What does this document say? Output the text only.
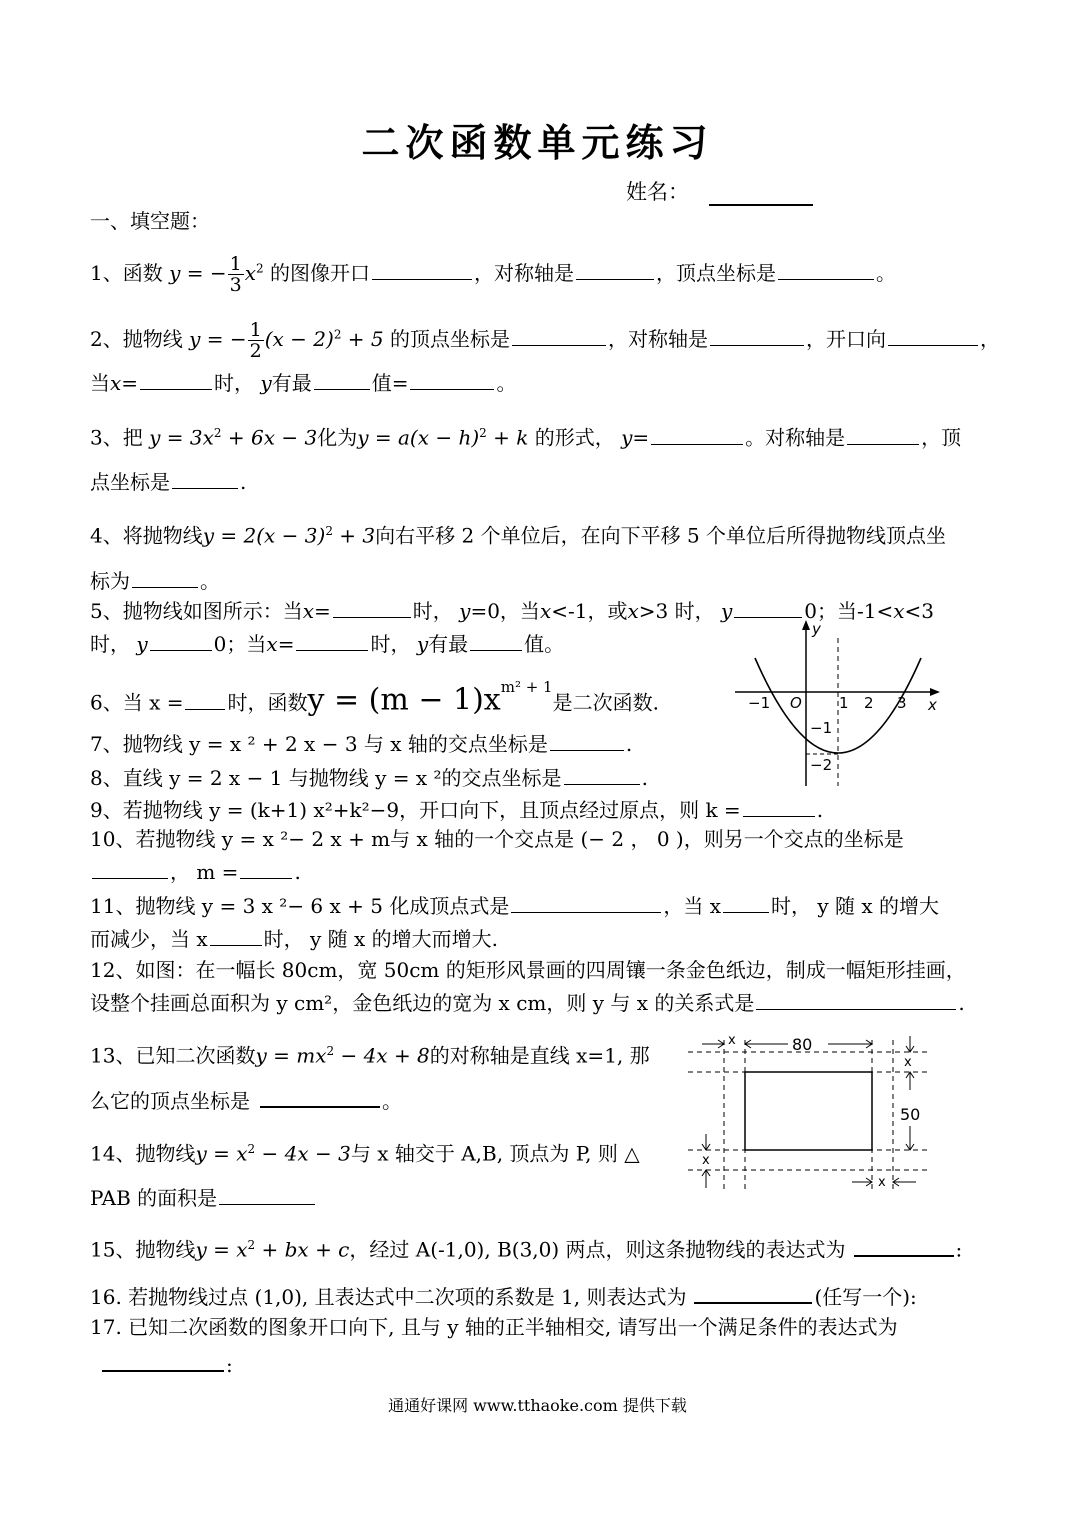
二次函数单元练习
姓名：
一、填空题：
1、函数 y = − $\frac{1}{3} x^2$ 的图像开口	，对称轴是	，顶点坐标是	。
2、抛物线 y = − $\frac{1}{2} (x - 2)^2 + 5$ 的顶点坐标是	，对称轴是	，开口向	，
当x=	时， y有最	值=	。
3、把 $y = 3x^2 + 6x - 3$化为$y = a(x - h)^2 + k$ 的形式， y=	。对称轴是	，顶
点坐标是	.
4、将抛物线$y = 2(x - 3)^2 + 3$向右平移 2 个单位后，在向下平移 5 个单位后所得抛物线顶点坐
标为	。
5、抛物线如图所示：当x=	时， y=0，当x<-1，或x>3 时， y	0；当-1<x<3
时， y	0；当x=	时， y有最	值。
y
x
O
−1	1 2 3
−1
−2
6、当 x = 时，函数$y = (m - 1)x^{m^2 + 1}$是二次函数.
7、抛物线 y = x ² + 2 x − 3 与 x 轴的交点坐标是	.
8、直线 y = 2 x − 1 与抛物线 y = x ²的交点坐标是	.
9、若抛物线 y = (k+1) x²+k²−9，开口向下，且顶点经过原点，则 k =	.
10、若抛物线 y = x ²− 2 x + m与 x 轴的一个交点是 (− 2 ， 0 )，则另一个交点的坐标是
， m =	.
11、抛物线 y = 3 x ²− 6 x + 5 化成顶点式是	，当 x	时， y 随 x 的增大
而减少，当 x	时， y 随 x 的增大而增大.
12、如图：在一幅长 80cm，宽 50cm 的矩形风景画的四周镶一条金色纸边，制成一幅矩形挂画，
设整个挂画总面积为 y cm²，金色纸边的宽为 x cm，则 y 与 x 的关系式是	.
13、已知二次函数$y = mx^2 - 4x + 8$的对称轴是直线 x=1, 那
么它的顶点坐标是	。
80
50
x
x
x
x
14、抛物线$y = x^2 - 4x - 3$与 x 轴交于 A,B, 顶点为 P, 则 △
PAB 的面积是
15、抛物线$y = x^2$ + bx + c，经过 A(-1,0), B(3,0) 两点，则这条抛物线的表达式为	:
16. 若抛物线过点 (1,0), 且表达式中二次项的系数是 1, 则表达式为	(任写一个):
17. 已知二次函数的图象开口向下, 且与 y 轴的正半轴相交, 请写出一个满足条件的表达式为
:
通通好课网 www.tthaoke.com 提供下载
